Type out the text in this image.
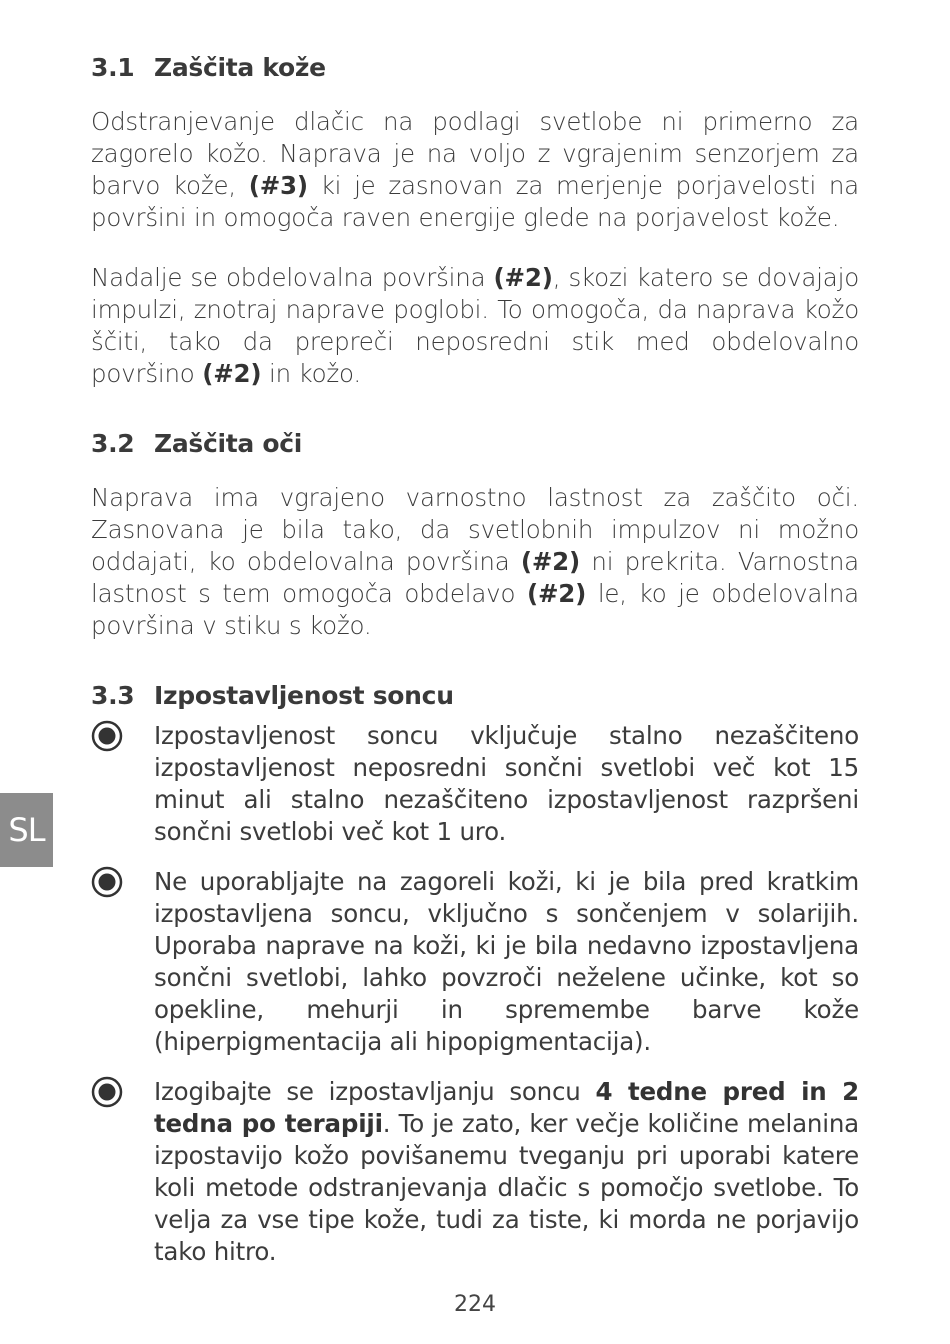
3.1 Zaščita kože

Odstranjevanje dlačic na podlagi svetlobe ni primerno za zagorelo kožo. Naprava je na voljo z vgrajenim senzorjem za barvo kože, (#3) ki je zasnovan za merjenje porjavelosti na površini in omogoča raven energije glede na porjavelost kože.

Nadalje se obdelovalna površina (#2), skozi katero se dovajajo impulzi, znotraj naprave poglobi. To omogoča, da naprava kožo ščiti, tako da prepreči neposredni stik med obdelovalno površino (#2) in kožo.

3.2 Zaščita oči

Naprava ima vgrajeno varnostno lastnost za zaščito oči. Zasnovana je bila tako, da svetlobnih impulzov ni možno oddajati, ko obdelovalna površina (#2) ni prekrita. Varnostna lastnost s tem omogoča obdelavo (#2) le, ko je obdelovalna površina v stiku s kožo.

3.3 Izpostavljenost soncu
Izpostavljenost soncu vključuje stalno nezaščiteno izpostavljenost neposredni sončni svetlobi več kot 15 minut ali stalno nezaščiteno izpostavljenost razpršeni sončni svetlobi več kot 1 uro.
Ne uporabljajte na zagoreli koži, ki je bila pred kratkim izpostavljena soncu, vključno s sončenjem v solarijih. Uporaba naprave na koži, ki je bila nedavno izpostavljena sončni svetlobi, lahko povzroči neželene učinke, kot so opekline, mehurji in spremembe barve kože (hiperpigmentacija ali hipopigmentacija).
Izogibajte se izpostavljanju soncu 4 tedne pred in 2 tedna po terapiji. To je zato, ker večje količine melanina izpostavijo kožo povišanemu tveganju pri uporabi katere koli metode odstranjevanja dlačic s pomočjo svetlobe. To velja za vse tipe kože, tudi za tiste, ki morda ne porjavijo tako hitro.
SL
224
